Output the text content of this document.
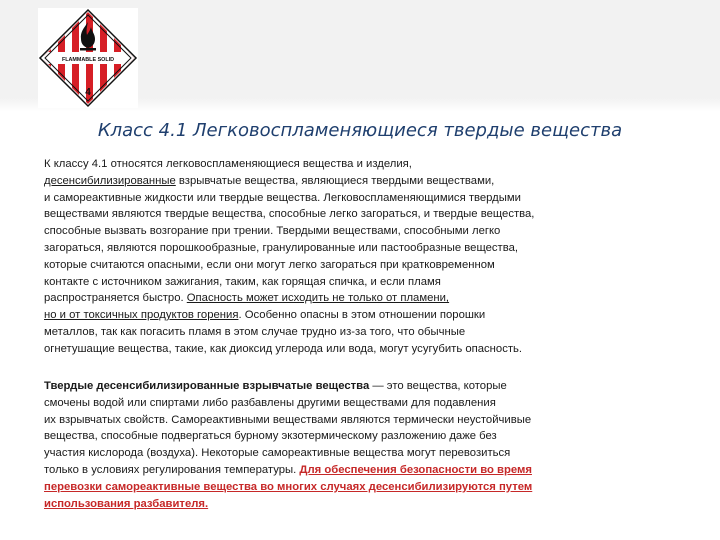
FLAMMABLE SOLID
4
Класс 4.1 Легковоспламеняющиеся твердые вещества
К классу 4.1 относятся легковоспламеняющиеся вещества и изделия,
десенсибилизированные взрывчатые вещества, являющиеся твердыми веществами,
и самореактивные жидкости или твердые вещества. Легковоспламеняющимися твердыми
веществами являются твердые вещества, способные легко загораться, и твердые вещества,
способные вызвать возгорание при трении. Твердыми веществами, способными легко
загораться, являются порошкообразные, гранулированные или пастообразные вещества,
которые считаются опасными, если они могут легко загораться при кратковременном
контакте с источником зажигания, таким, как горящая спичка, и если пламя
распространяется быстро. Опасность может исходить не только от пламени,
но и от токсичных продуктов горения. Особенно опасны в этом отношении порошки
металлов, так как погасить пламя в этом случае трудно из-за того, что обычные
огнетушащие вещества, такие, как диоксид углерода или вода, могут усугубить опасность.
Твердые десенсибилизированные взрывчатые вещества — это вещества, которые
смочены водой или спиртами либо разбавлены другими веществами для подавления
их взрывчатых свойств. Самореактивными веществами являются термически неустойчивые
вещества, способные подвергаться бурному экзотермическому разложению даже без
участия кислорода (воздуха). Некоторые самореактивные вещества могут перевозиться
только в условиях регулирования температуры. Для обеспечения безопасности во время
перевозки самореактивные вещества во многих случаях десенсибилизируются путем
использования разбавителя.
